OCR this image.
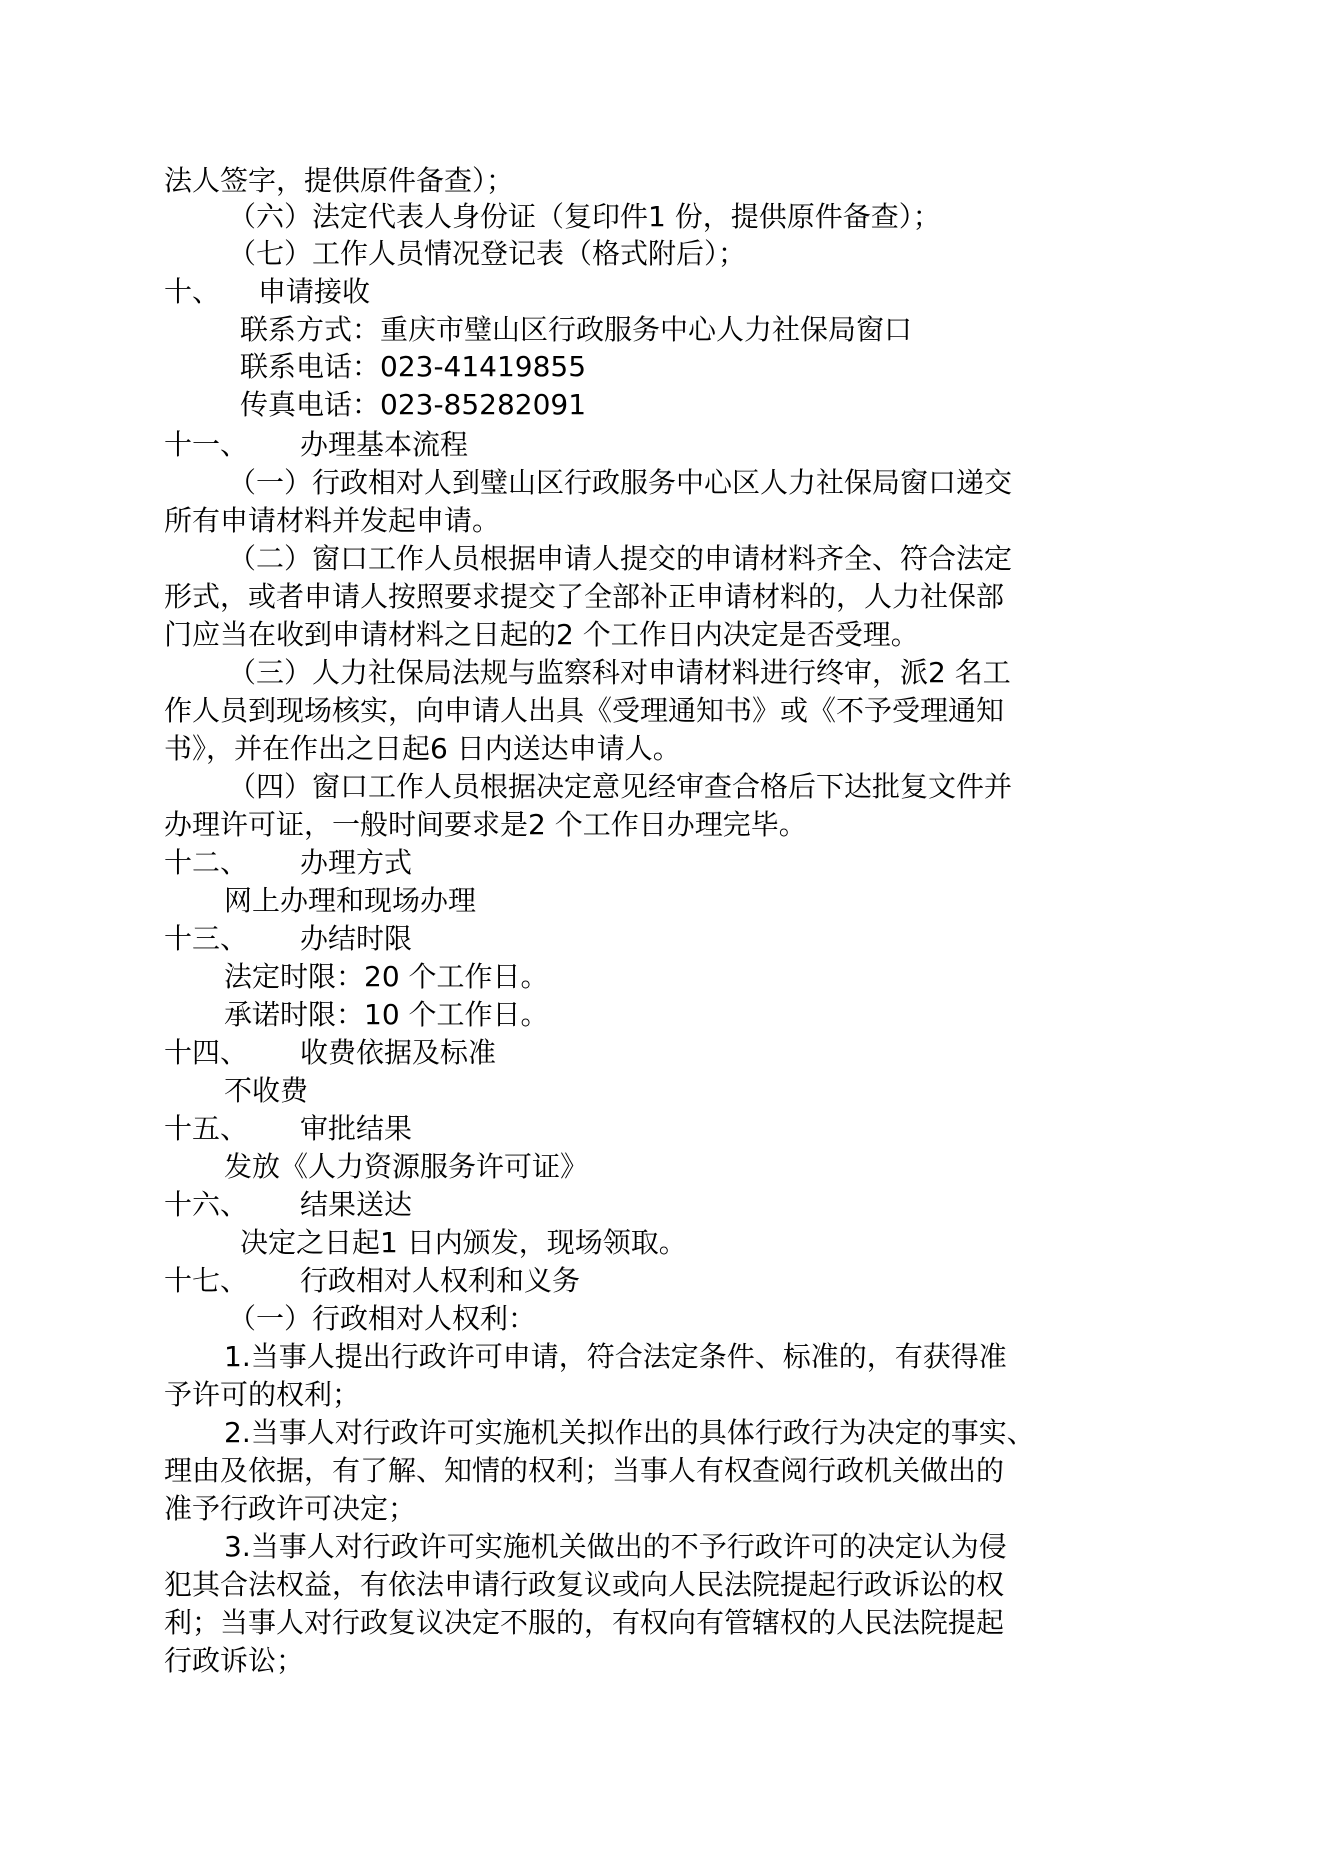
法人签字，提供原件备查）；
（六）法定代表人身份证（复印件1 份，提供原件备查）；
（七）工作人员情况登记表（格式附后）；
十、 申请接收
联系方式：重庆市璧山区行政服务中心人力社保局窗口
联系电话：023-41419855
传真电话：023-85282091
十一、 办理基本流程
（一）行政相对人到璧山区行政服务中心区人力社保局窗口递交
所有申请材料并发起申请。
（二）窗口工作人员根据申请人提交的申请材料齐全、符合法定
形式，或者申请人按照要求提交了全部补正申请材料的，人力社保部
门应当在收到申请材料之日起的2 个工作日内决定是否受理。
（三）人力社保局法规与监察科对申请材料进行终审，派2 名工
作人员到现场核实，向申请人出具《受理通知书》或《不予受理通知
书》，并在作出之日起6 日内送达申请人。
（四）窗口工作人员根据决定意见经审查合格后下达批复文件并
办理许可证，一般时间要求是2 个工作日办理完毕。
十二、 办理方式
网上办理和现场办理
十三、 办结时限
法定时限：20 个工作日。
承诺时限：10 个工作日。
十四、 收费依据及标准
不收费
十五、 审批结果
发放《人力资源服务许可证》
十六、 结果送达
决定之日起1 日内颁发，现场领取。
十七、 行政相对人权利和义务
（一）行政相对人权利：
1.当事人提出行政许可申请，符合法定条件、标准的，有获得准
予许可的权利；
2.当事人对行政许可实施机关拟作出的具体行政行为决定的事实、
理由及依据，有了解、知情的权利；当事人有权查阅行政机关做出的
准予行政许可决定；
3.当事人对行政许可实施机关做出的不予行政许可的决定认为侵
犯其合法权益，有依法申请行政复议或向人民法院提起行政诉讼的权
利；当事人对行政复议决定不服的，有权向有管辖权的人民法院提起
行政诉讼；
